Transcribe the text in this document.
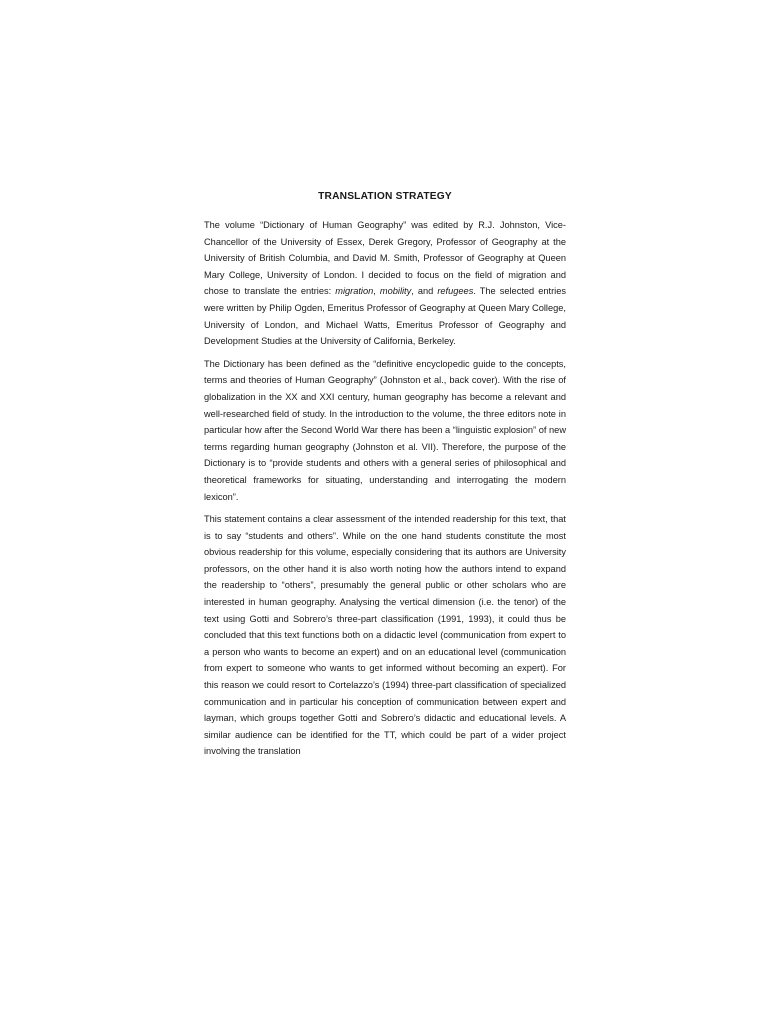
TRANSLATION STRATEGY

The volume “Dictionary of Human Geography” was edited by R.J. Johnston, Vice-Chancellor of the University of Essex, Derek Gregory, Professor of Geography at the University of British Columbia, and David M. Smith, Professor of Geography at Queen Mary College, University of London. I decided to focus on the field of migration and chose to translate the entries: migration, mobility, and refugees. The selected entries were written by Philip Ogden, Emeritus Professor of Geography at Queen Mary College, University of London, and Michael Watts, Emeritus Professor of Geography and Development Studies at the University of California, Berkeley.

The Dictionary has been defined as the “definitive encyclopedic guide to the concepts, terms and theories of Human Geography” (Johnston et al., back cover). With the rise of globalization in the XX and XXI century, human geography has become a relevant and well-researched field of study. In the introduction to the volume, the three editors note in particular how after the Second World War there has been a “linguistic explosion” of new terms regarding human geography (Johnston et al. VII). Therefore, the purpose of the Dictionary is to “provide students and others with a general series of philosophical and theoretical frameworks for situating, understanding and interrogating the modern lexicon”.

This statement contains a clear assessment of the intended readership for this text, that is to say “students and others”. While on the one hand students constitute the most obvious readership for this volume, especially considering that its authors are University professors, on the other hand it is also worth noting how the authors intend to expand the readership to “others”, presumably the general public or other scholars who are interested in human geography. Analysing the vertical dimension (i.e. the tenor) of the text using Gotti and Sobrero’s three-part classification (1991, 1993), it could thus be concluded that this text functions both on a didactic level (communication from expert to a person who wants to become an expert) and on an educational level (communication from expert to someone who wants to get informed without becoming an expert). For this reason we could resort to Cortelazzo’s (1994) three-part classification of specialized communication and in particular his conception of communication between expert and layman, which groups together Gotti and Sobrero’s didactic and educational levels. A similar audience can be identified for the TT, which could be part of a wider project involving the translation
